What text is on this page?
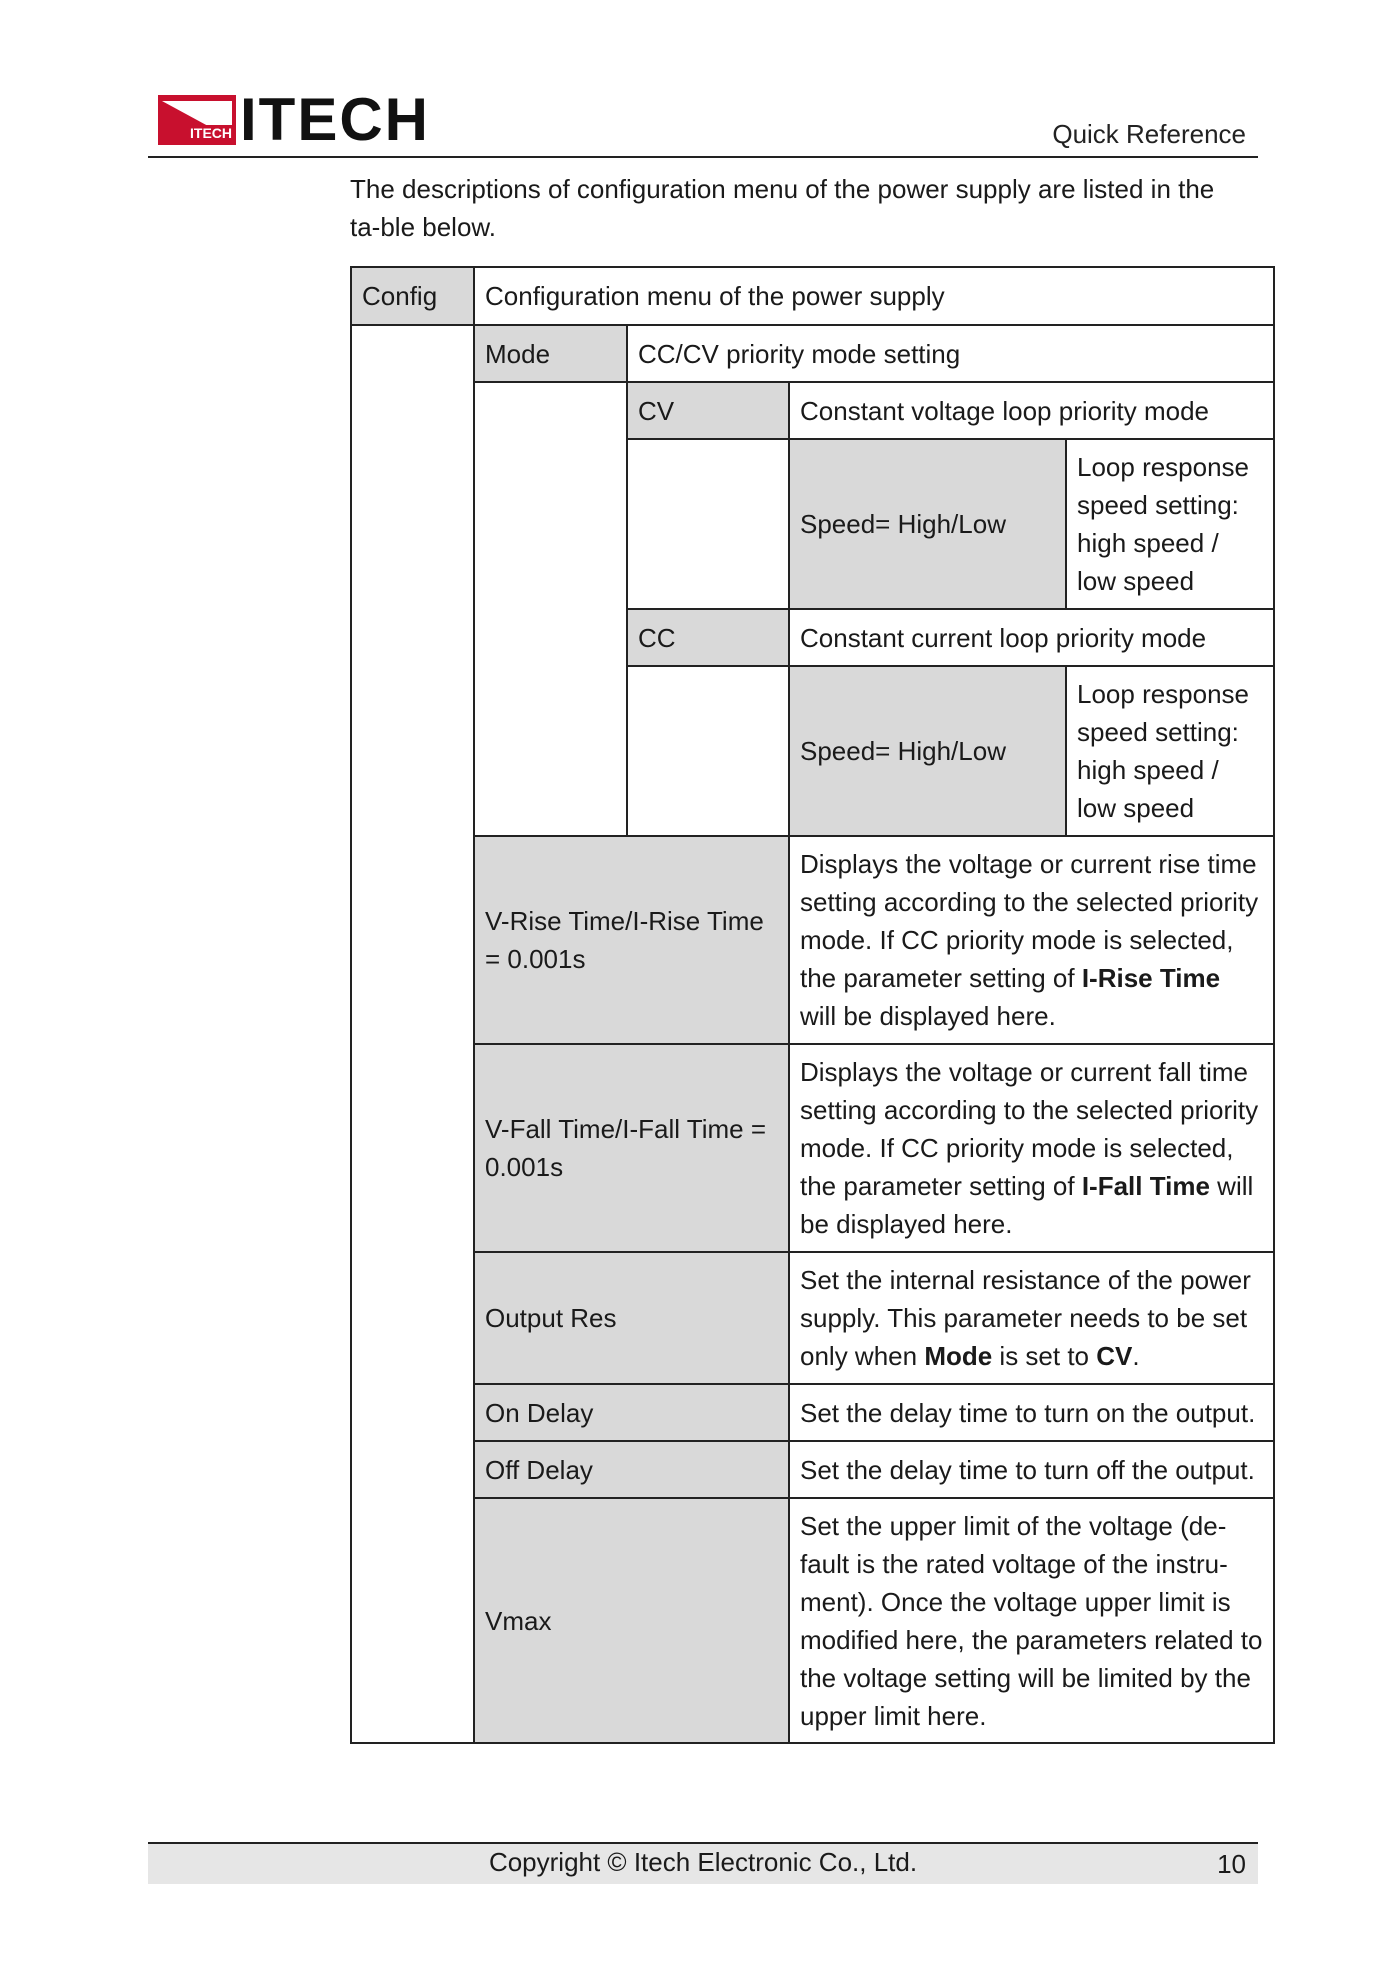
ITECH ITECH	Quick Reference
The descriptions of configuration menu of the power supply are listed in the ta-ble below.
Config	Configuration menu of the power supply			
	Mode	CC/CV priority mode setting		
		CV	Constant voltage loop priority mode	
			Speed= High/Low	Loop response speed setting: high speed / low speed
		CC	Constant current loop priority mode	
			Speed= High/Low	Loop response speed setting: high speed / low speed
	V-Rise Time/I-Rise Time = 0.001s		Displays the voltage or current rise time setting according to the selected priority mode. If CC priority mode is selected, the parameter setting of I-Rise Time will be displayed here.	
	V-Fall Time/I-Fall Time = 0.001s		Displays the voltage or current fall time setting according to the selected priority mode. If CC priority mode is selected, the parameter setting of I-Fall Time will be displayed here.	
	Output Res		Set the internal resistance of the power supply. This parameter needs to be set only when Mode is set to CV.	
	On Delay		Set the delay time to turn on the output.	
	Off Delay		Set the delay time to turn off the output.	
	Vmax		Set the upper limit of the voltage (de-fault is the rated voltage of the instru-ment). Once the voltage upper limit is modified here, the parameters related to the voltage setting will be limited by the upper limit here.	
Copyright © Itech Electronic Co., Ltd.	10
